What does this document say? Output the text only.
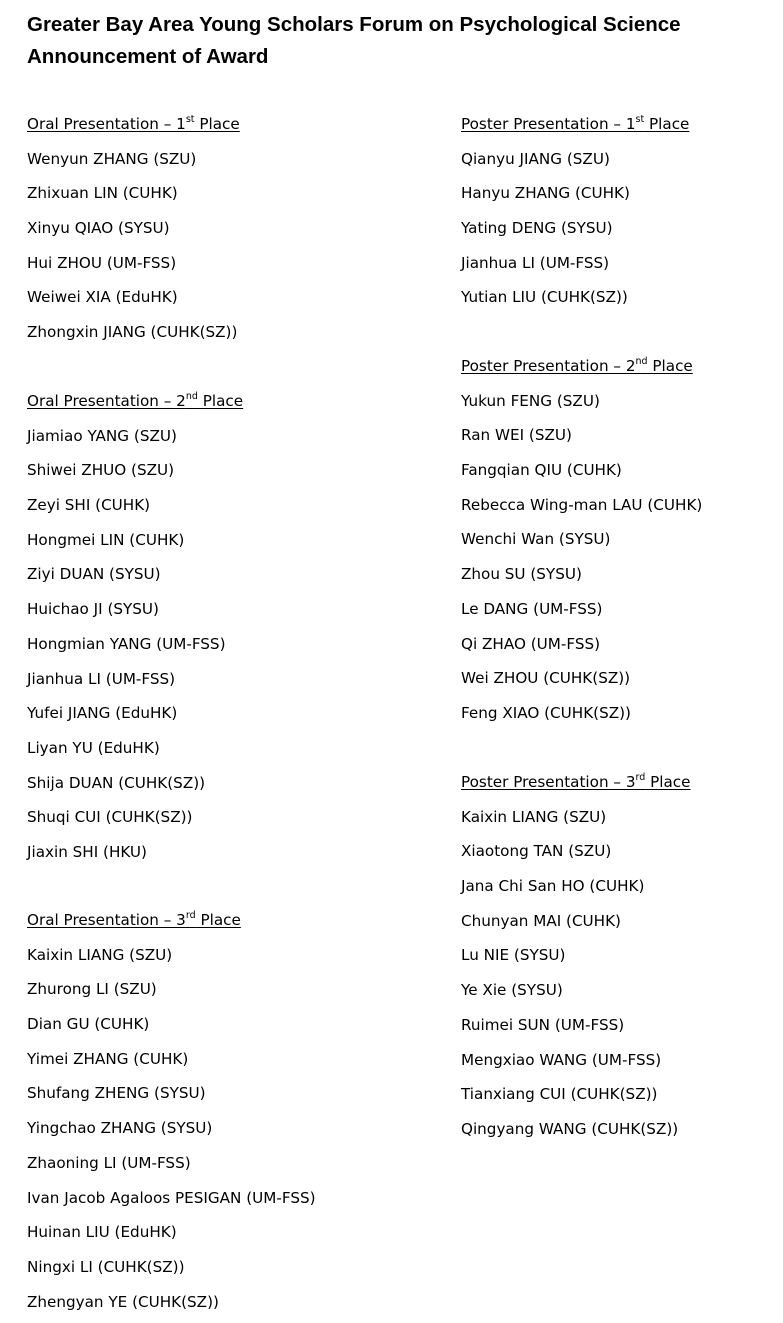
Greater Bay Area Young Scholars Forum on Psychological Science
Announcement of Award
Oral Presentation – 1st Place
Wenyun ZHANG (SZU)
Zhixuan LIN (CUHK)
Xinyu QIAO (SYSU)
Hui ZHOU (UM-FSS)
Weiwei XIA (EduHK)
Zhongxin JIANG (CUHK(SZ))
Oral Presentation – 2nd Place
Jiamiao YANG (SZU)
Shiwei ZHUO (SZU)
Zeyi SHI (CUHK)
Hongmei LIN (CUHK)
Ziyi DUAN (SYSU)
Huichao JI (SYSU)
Hongmian YANG (UM-FSS)
Jianhua LI (UM-FSS)
Yufei JIANG (EduHK)
Liyan YU (EduHK)
Shija DUAN (CUHK(SZ))
Shuqi CUI (CUHK(SZ))
Jiaxin SHI (HKU)
Oral Presentation – 3rd Place
Kaixin LIANG (SZU)
Zhurong LI (SZU)
Dian GU (CUHK)
Yimei ZHANG (CUHK)
Shufang ZHENG (SYSU)
Yingchao ZHANG (SYSU)
Zhaoning LI (UM-FSS)
Ivan Jacob Agaloos PESIGAN (UM-FSS)
Huinan LIU (EduHK)
Ningxi LI (CUHK(SZ))
Zhengyan YE (CUHK(SZ))
Poster Presentation – 1st Place
Qianyu JIANG (SZU)
Hanyu ZHANG (CUHK)
Yating DENG (SYSU)
Jianhua LI (UM-FSS)
Yutian LIU (CUHK(SZ))
Poster Presentation – 2nd Place
Yukun FENG (SZU)
Ran WEI (SZU)
Fangqian QIU (CUHK)
Rebecca Wing-man LAU (CUHK)
Wenchi Wan (SYSU)
Zhou SU (SYSU)
Le DANG (UM-FSS)
Qi ZHAO (UM-FSS)
Wei ZHOU (CUHK(SZ))
Feng XIAO (CUHK(SZ))
Poster Presentation – 3rd Place
Kaixin LIANG (SZU)
Xiaotong TAN (SZU)
Jana Chi San HO (CUHK)
Chunyan MAI (CUHK)
Lu NIE (SYSU)
Ye Xie (SYSU)
Ruimei SUN (UM-FSS)
Mengxiao WANG (UM-FSS)
Tianxiang CUI (CUHK(SZ))
Qingyang WANG (CUHK(SZ))
